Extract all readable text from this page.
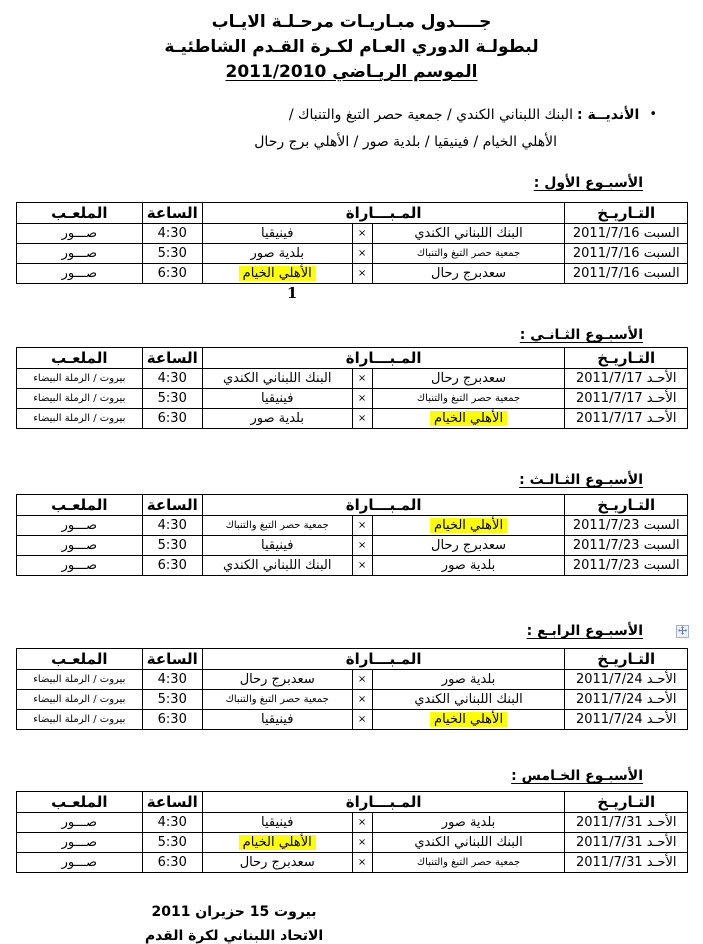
جــــدول مبـاريـات مرحـلـة الايـاب
لبطولـة الدوري العـام لكـرة القـدم الشاطئيـة
الموسم الريـاضي 2011/2010
•الأنديــة :البنك اللبناني الكندي / جمعية حصر التبغ والتنباك /
الأهلي الخيام / فينيقيا / بلدية صور / الأهلي برج رحال
الأسبـوع الأول :
التـاريـخ	المـبـــاراة			الساعة	الملعـب
السبت 2011/7/16	البنك اللبناني الكندي	×	فينيقيا	4:30	صـــور
السبت 2011/7/16	جمعية حصر التبغ والتنباك	×	بلدية صور	5:30	صـــور
السبت 2011/7/16	سعدبرج رحال	×	الأهلي الخيام	6:30	صـــور
الأسبـوع الثـانـي :
التـاريـخ	المـبـــاراة			الساعة	الملعـب
الأحـد 2011/7/17	سعدبرج رحال	×	البنك اللبناني الكندي	4:30	بيروت / الرملة البيضاء
الأحـد 2011/7/17	جمعية حصر التبغ والتنباك	×	فينيقيا	5:30	بيروت / الرملة البيضاء
الأحـد 2011/7/17	الأهلي الخيام	×	بلدية صور	6:30	بيروت / الرملة البيضاء
الأسبـوع الثـالـث :
التـاريـخ	المـبـــاراة			الساعة	الملعـب
السبت 2011/7/23	الأهلي الخيام	×	جمعية حصر التبغ والتنباك	4:30	صـــور
السبت 2011/7/23	سعدبرج رحال	×	فينيقيا	5:30	صـــور
السبت 2011/7/23	بلدية صور	×	البنك اللبناني الكندي	6:30	صـــور
الأسبـوع الرابـع :
التـاريـخ	المـبـــاراة			الساعة	الملعـب
الأحـد 2011/7/24	بلدية صور	×	سعدبرج رحال	4:30	بيروت / الرملة البيضاء
الأحـد 2011/7/24	البنك اللبناني الكندي	×	جمعية حصر التبغ والتنباك	5:30	بيروت / الرملة البيضاء
الأحـد 2011/7/24	الأهلي الخيام	×	فينيقيا	6:30	بيروت / الرملة البيضاء
الأسبـوع الخـامس :
التـاريـخ	المـبـــاراة			الساعة	الملعـب
الأحـد 2011/7/31	بلدية صور	×	فينيقيا	4:30	صـــور
الأحـد 2011/7/31	البنك اللبناني الكندي	×	الأهلي الخيام	5:30	صـــور
الأحـد 2011/7/31	جمعية حصر التبغ والتنباك	×	سعدبرج رحال	6:30	صـــور
1
بيروت 15 حزيران 2011
الاتحاد اللبناني لكرة القدم
